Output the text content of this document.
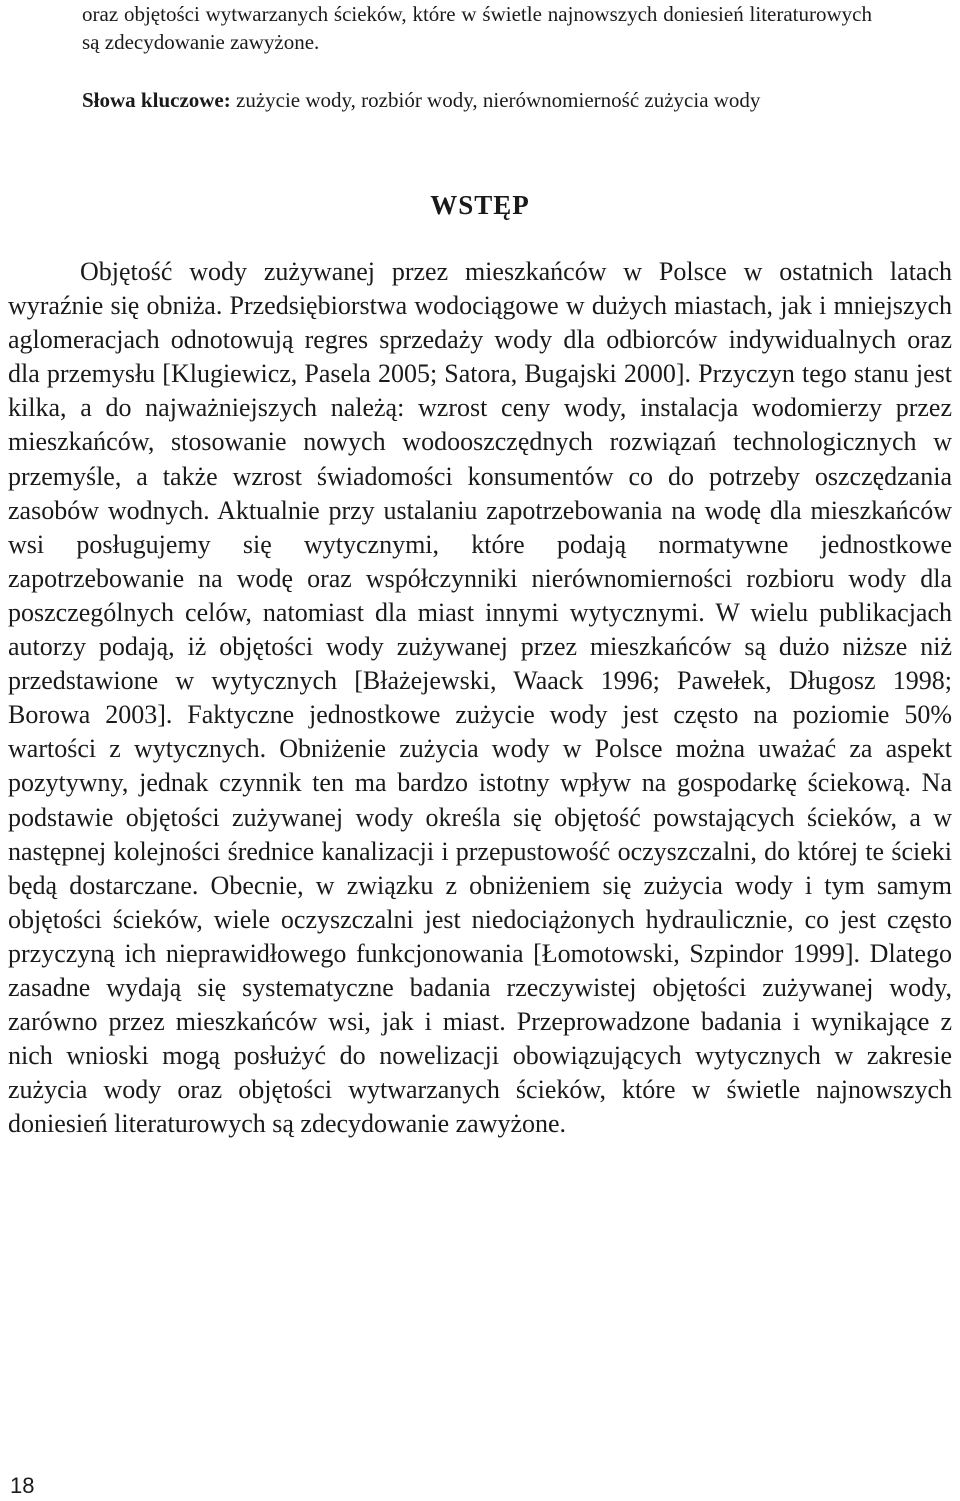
oraz objętości wytwarzanych ścieków, które w świetle najnowszych doniesień literaturowych są zdecydowanie zawyżone.

Słowa kluczowe: zużycie wody, rozbiór wody, nierównomierność zużycia wody

WSTĘP

Objętość wody zużywanej przez mieszkańców w Polsce w ostatnich latach wyraźnie się obniża. Przedsiębiorstwa wodociągowe w dużych miastach, jak i mniejszych aglomeracjach odnotowują regres sprzedaży wody dla odbiorców indywidualnych oraz dla przemysłu [Klugiewicz, Pasela 2005; Satora, Bugajski 2000]. Przyczyn tego stanu jest kilka, a do najważniejszych należą: wzrost ceny wody, instalacja wodomierzy przez mieszkańców, stosowanie nowych wodooszczędnych rozwiązań technologicznych w przemyśle, a także wzrost świadomości konsumentów co do potrzeby oszczędzania zasobów wodnych. Aktualnie przy ustalaniu zapotrzebowania na wodę dla mieszkańców wsi posługujemy się wytycznymi, które podają normatywne jednostkowe zapotrzebowanie na wodę oraz współczynniki nierównomierności rozbioru wody dla poszczególnych celów, natomiast dla miast innymi wytycznymi. W wielu publikacjach autorzy podają, iż objętości wody zużywanej przez mieszkańców są dużo niższe niż przedstawione w wytycznych [Błażejewski, Waack 1996; Pawełek, Długosz 1998; Borowa 2003]. Faktyczne jednostkowe zużycie wody jest często na poziomie 50% wartości z wytycznych. Obniżenie zużycia wody w Polsce można uważać za aspekt pozytywny, jednak czynnik ten ma bardzo istotny wpływ na gospodarkę ściekową. Na podstawie objętości zużywanej wody określa się objętość powstających ścieków, a w następnej kolejności średnice kanalizacji i przepustowość oczyszczalni, do której te ścieki będą dostarczane. Obecnie, w związku z obniżeniem się zużycia wody i tym samym objętości ścieków, wiele oczyszczalni jest niedociążonych hydraulicznie, co jest często przyczyną ich nieprawidłowego funkcjonowania [Łomotowski, Szpindor 1999]. Dlatego zasadne wydają się systematyczne badania rzeczywistej objętości zużywanej wody, zarówno przez mieszkańców wsi, jak i miast. Przeprowadzone badania i wynikające z nich wnioski mogą posłużyć do nowelizacji obowiązujących wytycznych w zakresie zużycia wody oraz objętości wytwarzanych ścieków, które w świetle najnowszych doniesień literaturowych są zdecydowanie zawyżone.

18
